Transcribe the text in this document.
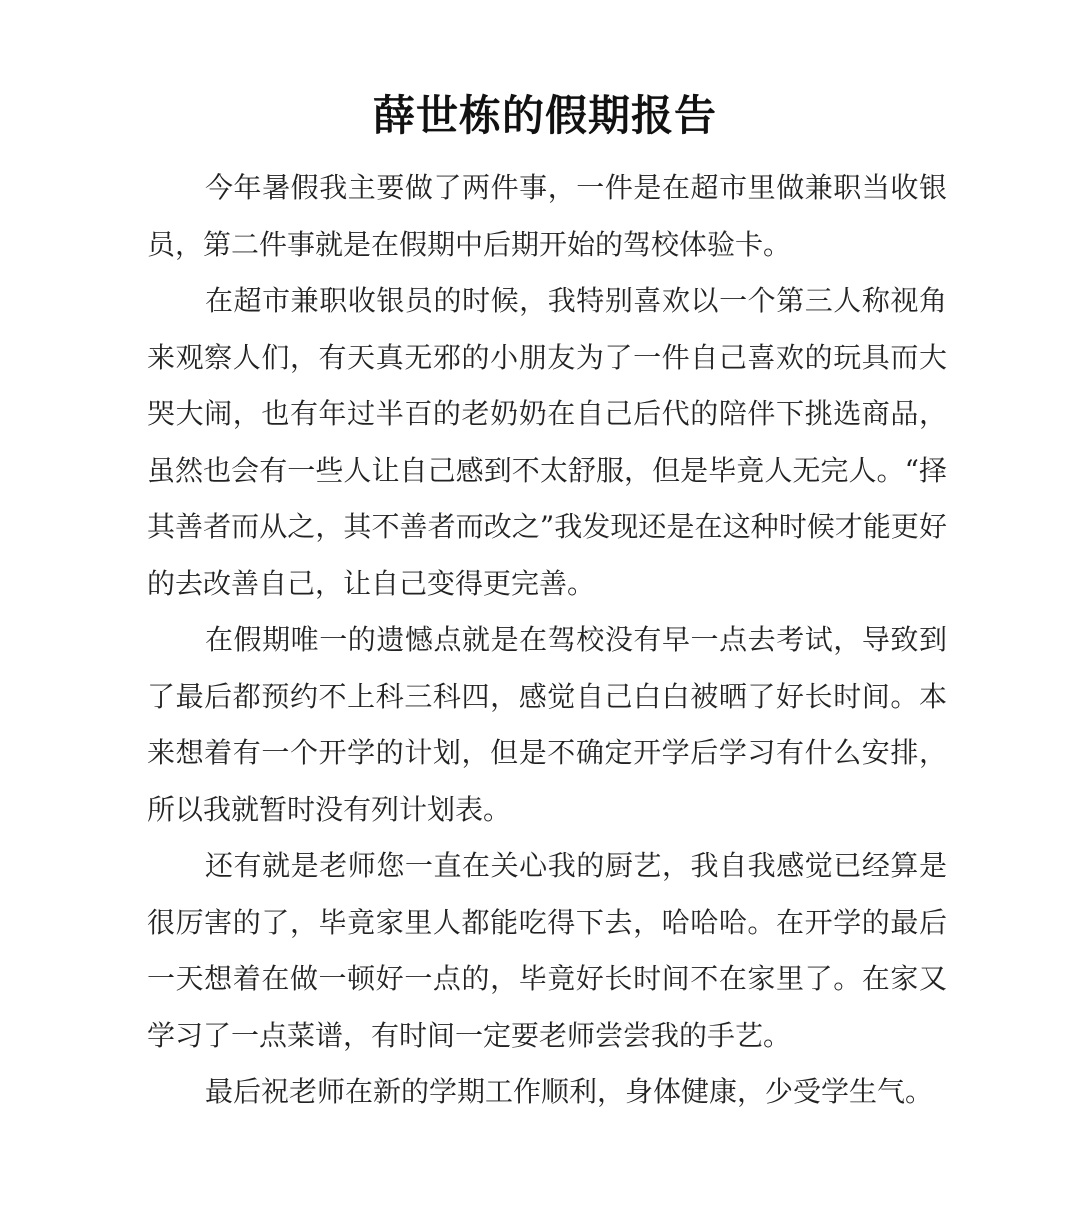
薛世栋的假期报告

今年暑假我主要做了两件事，一件是在超市里做兼职当收银员，第二件事就是在假期中后期开始的驾校体验卡。

在超市兼职收银员的时候，我特别喜欢以一个第三人称视角来观察人们，有天真无邪的小朋友为了一件自己喜欢的玩具而大哭大闹，也有年过半百的老奶奶在自己后代的陪伴下挑选商品，虽然也会有一些人让自己感到不太舒服，但是毕竟人无完人。“择其善者而从之，其不善者而改之”我发现还是在这种时候才能更好的去改善自己，让自己变得更完善。

在假期唯一的遗憾点就是在驾校没有早一点去考试，导致到了最后都预约不上科三科四，感觉自己白白被晒了好长时间。本来想着有一个开学的计划，但是不确定开学后学习有什么安排，所以我就暂时没有列计划表。

还有就是老师您一直在关心我的厨艺，我自我感觉已经算是很厉害的了，毕竟家里人都能吃得下去，哈哈哈。在开学的最后一天想着在做一顿好一点的，毕竟好长时间不在家里了。在家又学习了一点菜谱，有时间一定要老师尝尝我的手艺。

最后祝老师在新的学期工作顺利，身体健康，少受学生气。
